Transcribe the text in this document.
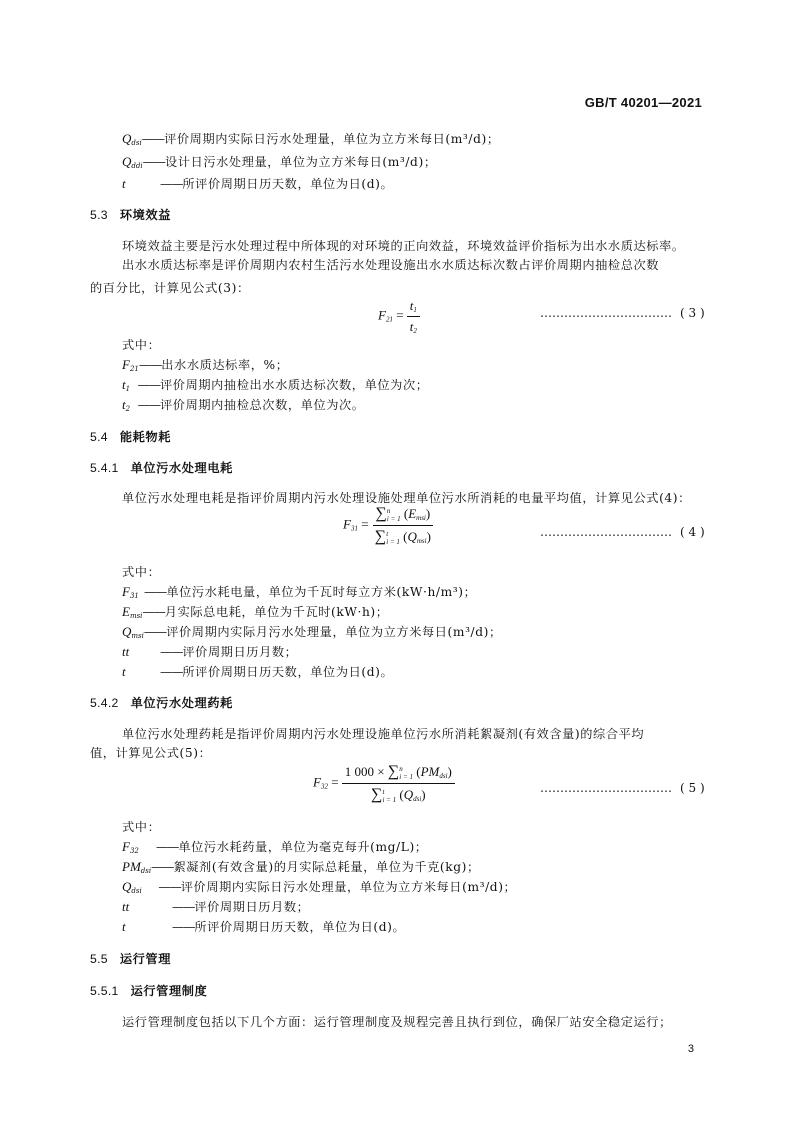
GB/T 40201—2021
$Q_{dsi}——$评价周期内实际日污水处理量，单位为立方米每日(m³/d)；
$Q_{ddi}——$设计日污水处理量，单位为立方米每日(m³/d)；
t	——所评价周期日历天数，单位为日(d)。
5.3 环境效益
环境效益主要是污水处理过程中所体现的对环境的正向效益，环境效益评价指标为出水水质达标率。
出水水质达标率是评价周期内农村生活污水处理设施出水水质达标次数占评价周期内抽检总次数
的百分比，计算见公式(3)：
$F_{21} = \frac{t_1}{t_2}$	…………………………… ( 3 )
式中：
$F_{21}——$出水水质达标率，%；
t1 ——评价周期内抽检出水水质达标次数，单位为次；
t2 ——评价周期内抽检总次数，单位为次。
5.4 能耗物耗
5.4.1 单位污水处理电耗
单位污水处理电耗是指评价周期内污水处理设施处理单位污水所消耗的电量平均值，计算见公式(4)：
$F_{31}$ =
∑n
i = 1 $(E_{msi})$
∑t
i = 1 $(Q_{msi})$	…………………………… ( 4 )
式中：
F31 ——单位污水耗电量，单位为千瓦时每立方米(kW·h/m³)；
$E_{msi}——$月实际总电耗，单位为千瓦时(kW·h)；
$Q_{msi}——$评价周期内实际月污水处理量，单位为立方米每日(m³/d)；
tt	——评价周期日历月数；
t	——所评价周期日历天数，单位为日(d)。
5.4.2 单位污水处理药耗
单位污水处理药耗是指评价周期内污水处理设施单位污水所消耗絮凝剂(有效含量)的综合平均
值，计算见公式(5)：
$F_{32}$ =
1 000 × ∑n
i = 1 $(PM_{dsi})$
∑t
i = 1 $(Q_{dsi})$	…………………………… ( 5 )
式中：
F32 ——单位污水耗药量，单位为毫克每升(mg/L)；
$PM_{dsi}——$絮凝剂(有效含量)的月实际总耗量，单位为千克(kg)；
Qdsi ——评价周期内实际日污水处理量，单位为立方米每日(m³/d)；
tt	——评价周期日历月数；
t	——所评价周期日历天数，单位为日(d)。
5.5 运行管理
5.5.1 运行管理制度
运行管理制度包括以下几个方面：运行管理制度及规程完善且执行到位，确保厂站安全稳定运行；
3
